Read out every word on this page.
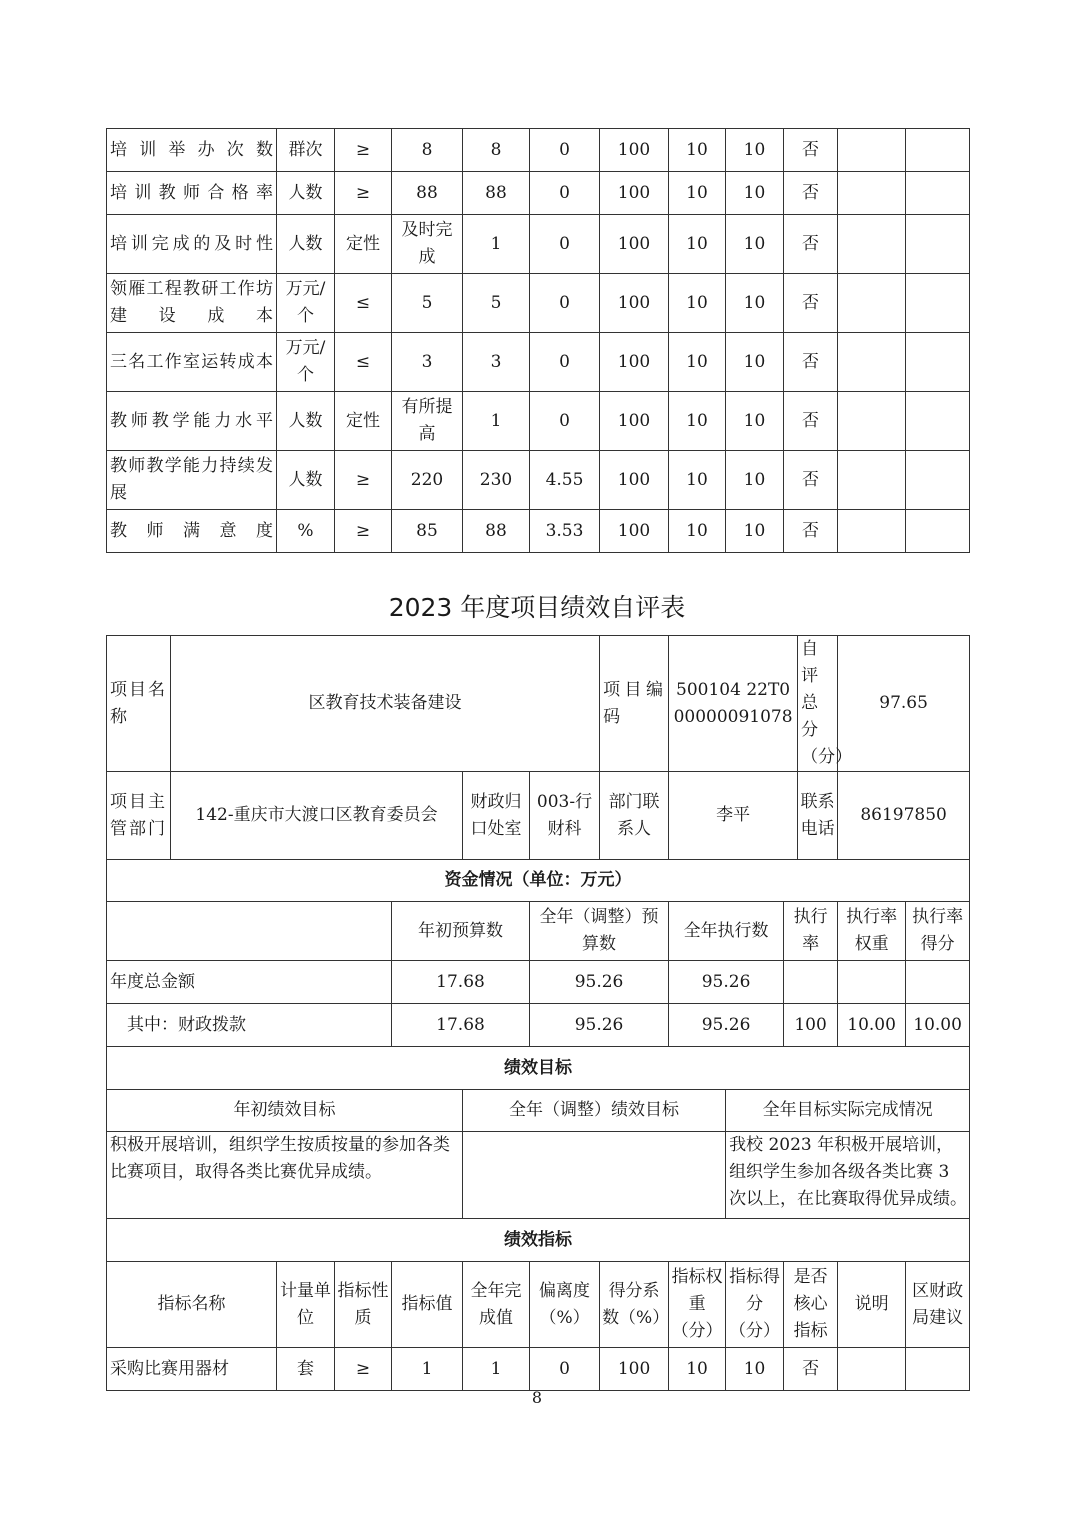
培训举办次数	群次	≥	8	8	0	100	10	10	否		
培训教师合格率	人数	≥	88	88	0	100	10	10	否		
培训完成的及时性	人数	定性	及时完成	1	0	100	10	10	否		
领雁工程教研工作坊建设成本	万元/个	≤	5	5	0	100	10	10	否		
三名工作室运转成本	万元/个	≤	3	3	0	100	10	10	否		
教师教学能力水平	人数	定性	有所提高	1	0	100	10	10	否		
教师教学能力持续发展	人数	≥	220	230	4.55	100	10	10	否		
教师满意度	%	≥	85	88	3.53	100	10	10	否		
2023 年度项目绩效自评表
项目名称	区教育技术装备建设						项目编码	500104 22T000000091078			自评总分（分）	97.65	
项目主管部门	142-重庆市大渡口区教育委员会				财政归口处室	003-行财科	部门联系人	李平			联系电话	86197850	
资金情况（单位：万元）													
				年初预算数		全年（调整）预算数		全年执行数		执行率		执行率权重	执行率得分
年度总金额				17.68		95.26		95.26					
其中：财政拨款				17.68		95.26		95.26		100		10.00	10.00
绩效目标													
年初绩效目标					全年（调整）绩效目标				全年目标实际完成情况				
积极开展培训，组织学生按质按量的参加各类比赛项目，取得各类比赛优异成绩。									我校 2023 年积极开展培训，组织学生参加各级各类比赛 3 次以上，在比赛取得优异成绩。				
绩效指标													
指标名称		计量单位	指标性质	指标值	全年完成值	偏离度（%）	得分系数（%）	指标权重（分）	指标得分（分）	是否核心指标		说明	区财政局建议
采购比赛用器材		套	≥	1	1	0	100	10	10	否			
8
